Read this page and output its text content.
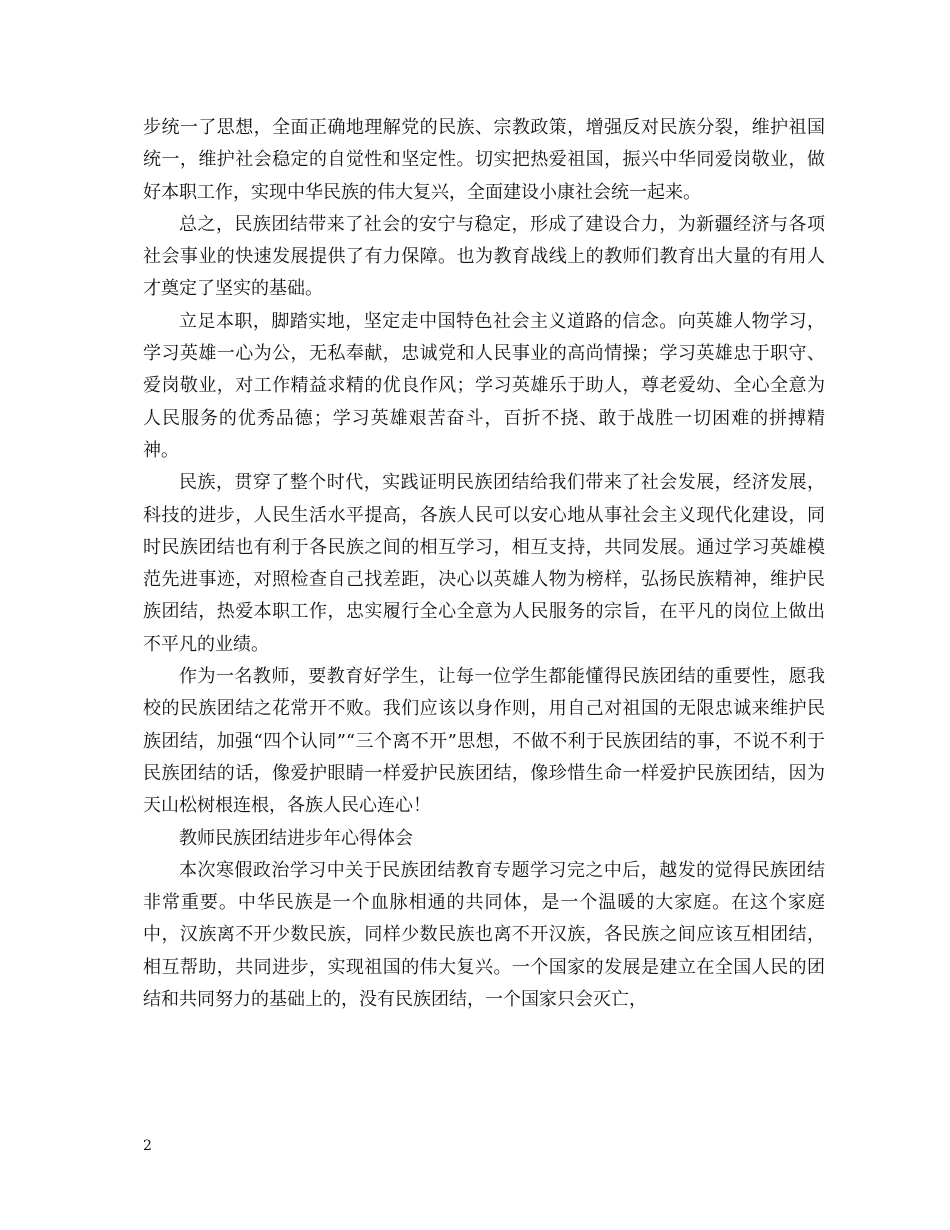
步统一了思想，全面正确地理解党的民族、宗教政策，增强反对民族分裂，维护祖国统一，维护社会稳定的自觉性和坚定性。切实把热爱祖国，振兴中华同爱岗敬业，做好本职工作，实现中华民族的伟大复兴，全面建设小康社会统一起来。

总之，民族团结带来了社会的安宁与稳定，形成了建设合力，为新疆经济与各项社会事业的快速发展提供了有力保障。也为教育战线上的教师们教育出大量的有用人才奠定了坚实的基础。

立足本职，脚踏实地，坚定走中国特色社会主义道路的信念。向英雄人物学习，学习英雄一心为公，无私奉献，忠诚党和人民事业的高尚情操；学习英雄忠于职守、爱岗敬业，对工作精益求精的优良作风；学习英雄乐于助人，尊老爱幼、全心全意为人民服务的优秀品德；学习英雄艰苦奋斗，百折不挠、敢于战胜一切困难的拼搏精神。

民族，贯穿了整个时代，实践证明民族团结给我们带来了社会发展，经济发展，科技的进步，人民生活水平提高，各族人民可以安心地从事社会主义现代化建设，同时民族团结也有利于各民族之间的相互学习，相互支持，共同发展。通过学习英雄模范先进事迹，对照检查自己找差距，决心以英雄人物为榜样，弘扬民族精神，维护民族团结，热爱本职工作，忠实履行全心全意为人民服务的宗旨，在平凡的岗位上做出不平凡的业绩。

作为一名教师，要教育好学生，让每一位学生都能懂得民族团结的重要性，愿我校的民族团结之花常开不败。我们应该以身作则，用自己对祖国的无限忠诚来维护民族团结，加强“四个认同”“三个离不开”思想，不做不利于民族团结的事，不说不利于民族团结的话，像爱护眼睛一样爱护民族团结，像珍惜生命一样爱护民族团结，因为天山松树根连根，各族人民心连心！

教师民族团结进步年心得体会

本次寒假政治学习中关于民族团结教育专题学习完之中后，越发的觉得民族团结非常重要。中华民族是一个血脉相通的共同体，是一个温暖的大家庭。在这个家庭中，汉族离不开少数民族，同样少数民族也离不开汉族，各民族之间应该互相团结，相互帮助，共同进步，实现祖国的伟大复兴。一个国家的发展是建立在全国人民的团结和共同努力的基础上的，没有民族团结，一个国家只会灭亡，

2
